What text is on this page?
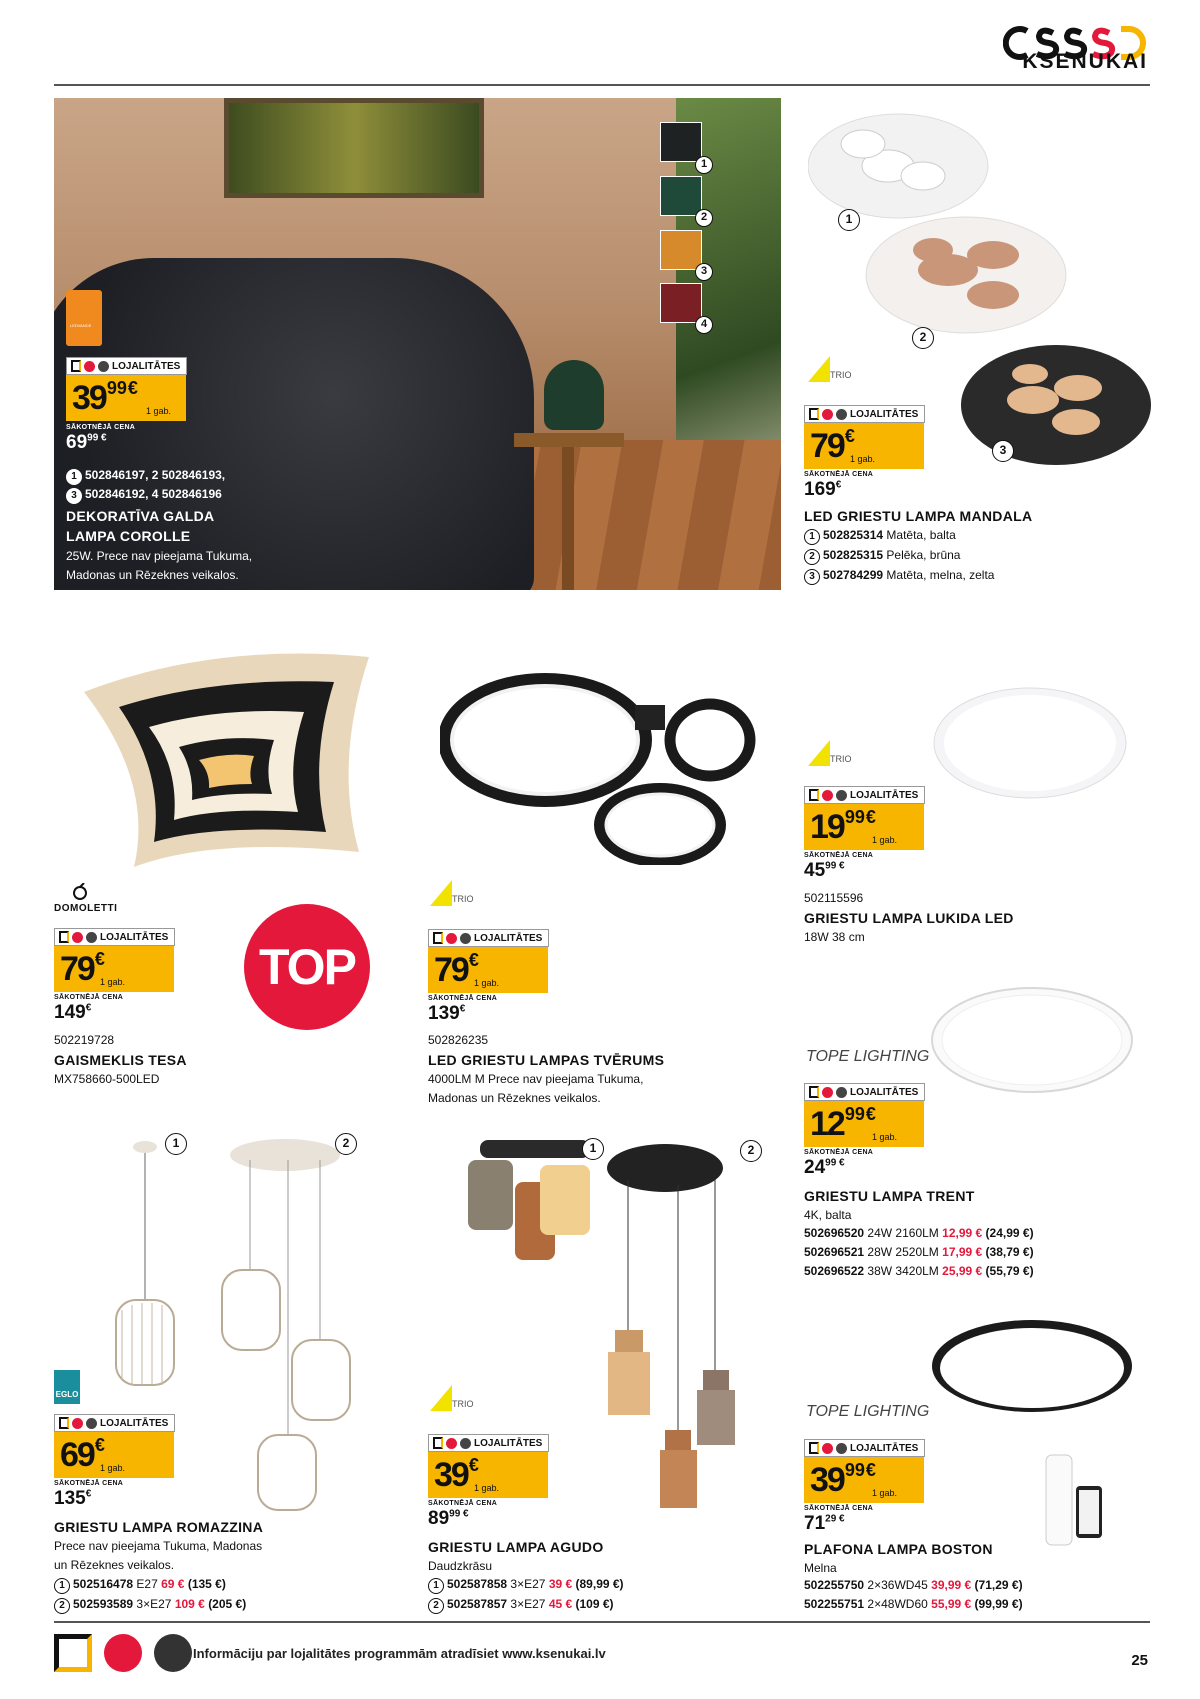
KSENUKAI
1
2
3
4
LEDVANCE
LOJALITĀTES
39 99 €
1 gab.
SĀKOTNĒJĀ CENA
$69^{99 €}$
1 502846197, 2 502846193,
3 502846192, 4 502846196
DEKORATĪVA GALDA
LAMPA COROLLE
25W. Prece nav pieejama Tukuma,
Madonas un Rēzeknes veikalos.
1
2
3
TRIO
LOJALITĀTES
79 €
1 gab.
SĀKOTNĒJĀ CENA
169€
LED GRIESTU LAMPA MANDALA
1 502825314 Matēta, balta
2 502825315 Pelēka, brūna
3 502784299 Matēta, melna, zelta
DOMOLETTI
LOJALITĀTES
79 €
1 gab.
SĀKOTNĒJĀ CENA
149€
502219728
GAISMEKLIS TESA
MX758660-500LED
TOP
TRIO
LOJALITĀTES
79 €
1 gab.
SĀKOTNĒJĀ CENA
139€
502826235
LED GRIESTU LAMPAS TVĒRUMS
4000LM M Prece nav pieejama Tukuma,
Madonas un Rēzeknes veikalos.
TRIO
LOJALITĀTES
19 99 €
1 gab.
SĀKOTNĒJĀ CENA
$45^{99 €}$
502115596
GRIESTU LAMPA LUKIDA LED
18W 38 cm
TOPE LIGHTING
LOJALITĀTES
12 99 €
1 gab.
SĀKOTNĒJĀ CENA
$24^{99 €}$
GRIESTU LAMPA TRENT
4K, balta
502696520 24W 2160LM 12,99 € (24,99 €)
502696521 28W 2520LM 17,99 € (38,79 €)
502696522 38W 3420LM 25,99 € (55,79 €)
1	2
EGLO
LOJALITĀTES
69 €
1 gab.
SĀKOTNĒJĀ CENA
135€
GRIESTU LAMPA ROMAZZINA
Prece nav pieejama Tukuma, Madonas
un Rēzeknes veikalos.
1 502516478 E27 69 € (135 €)
2 502593589 3×E27 109 € (205 €)
1	2
TRIO
LOJALITĀTES
39 €
1 gab.
SĀKOTNĒJĀ CENA
$89^{99 €}$
GRIESTU LAMPA AGUDO
Daudzkrāsu
1 502587858 3×E27 39 € (89,99 €)
2 502587857 3×E27 45 € (109 €)
TOPE LIGHTING
LOJALITĀTES
39 99 €
1 gab.
SĀKOTNĒJĀ CENA
$71^{29 €}$
PLAFONA LAMPA BOSTON
Melna
502255750 2×36WD45 39,99 € (71,29 €)
502255751 2×48WD60 55,99 € (99,99 €)
Informāciju par lojalitātes programmām atradīsiet www.ksenukai.lv	25
